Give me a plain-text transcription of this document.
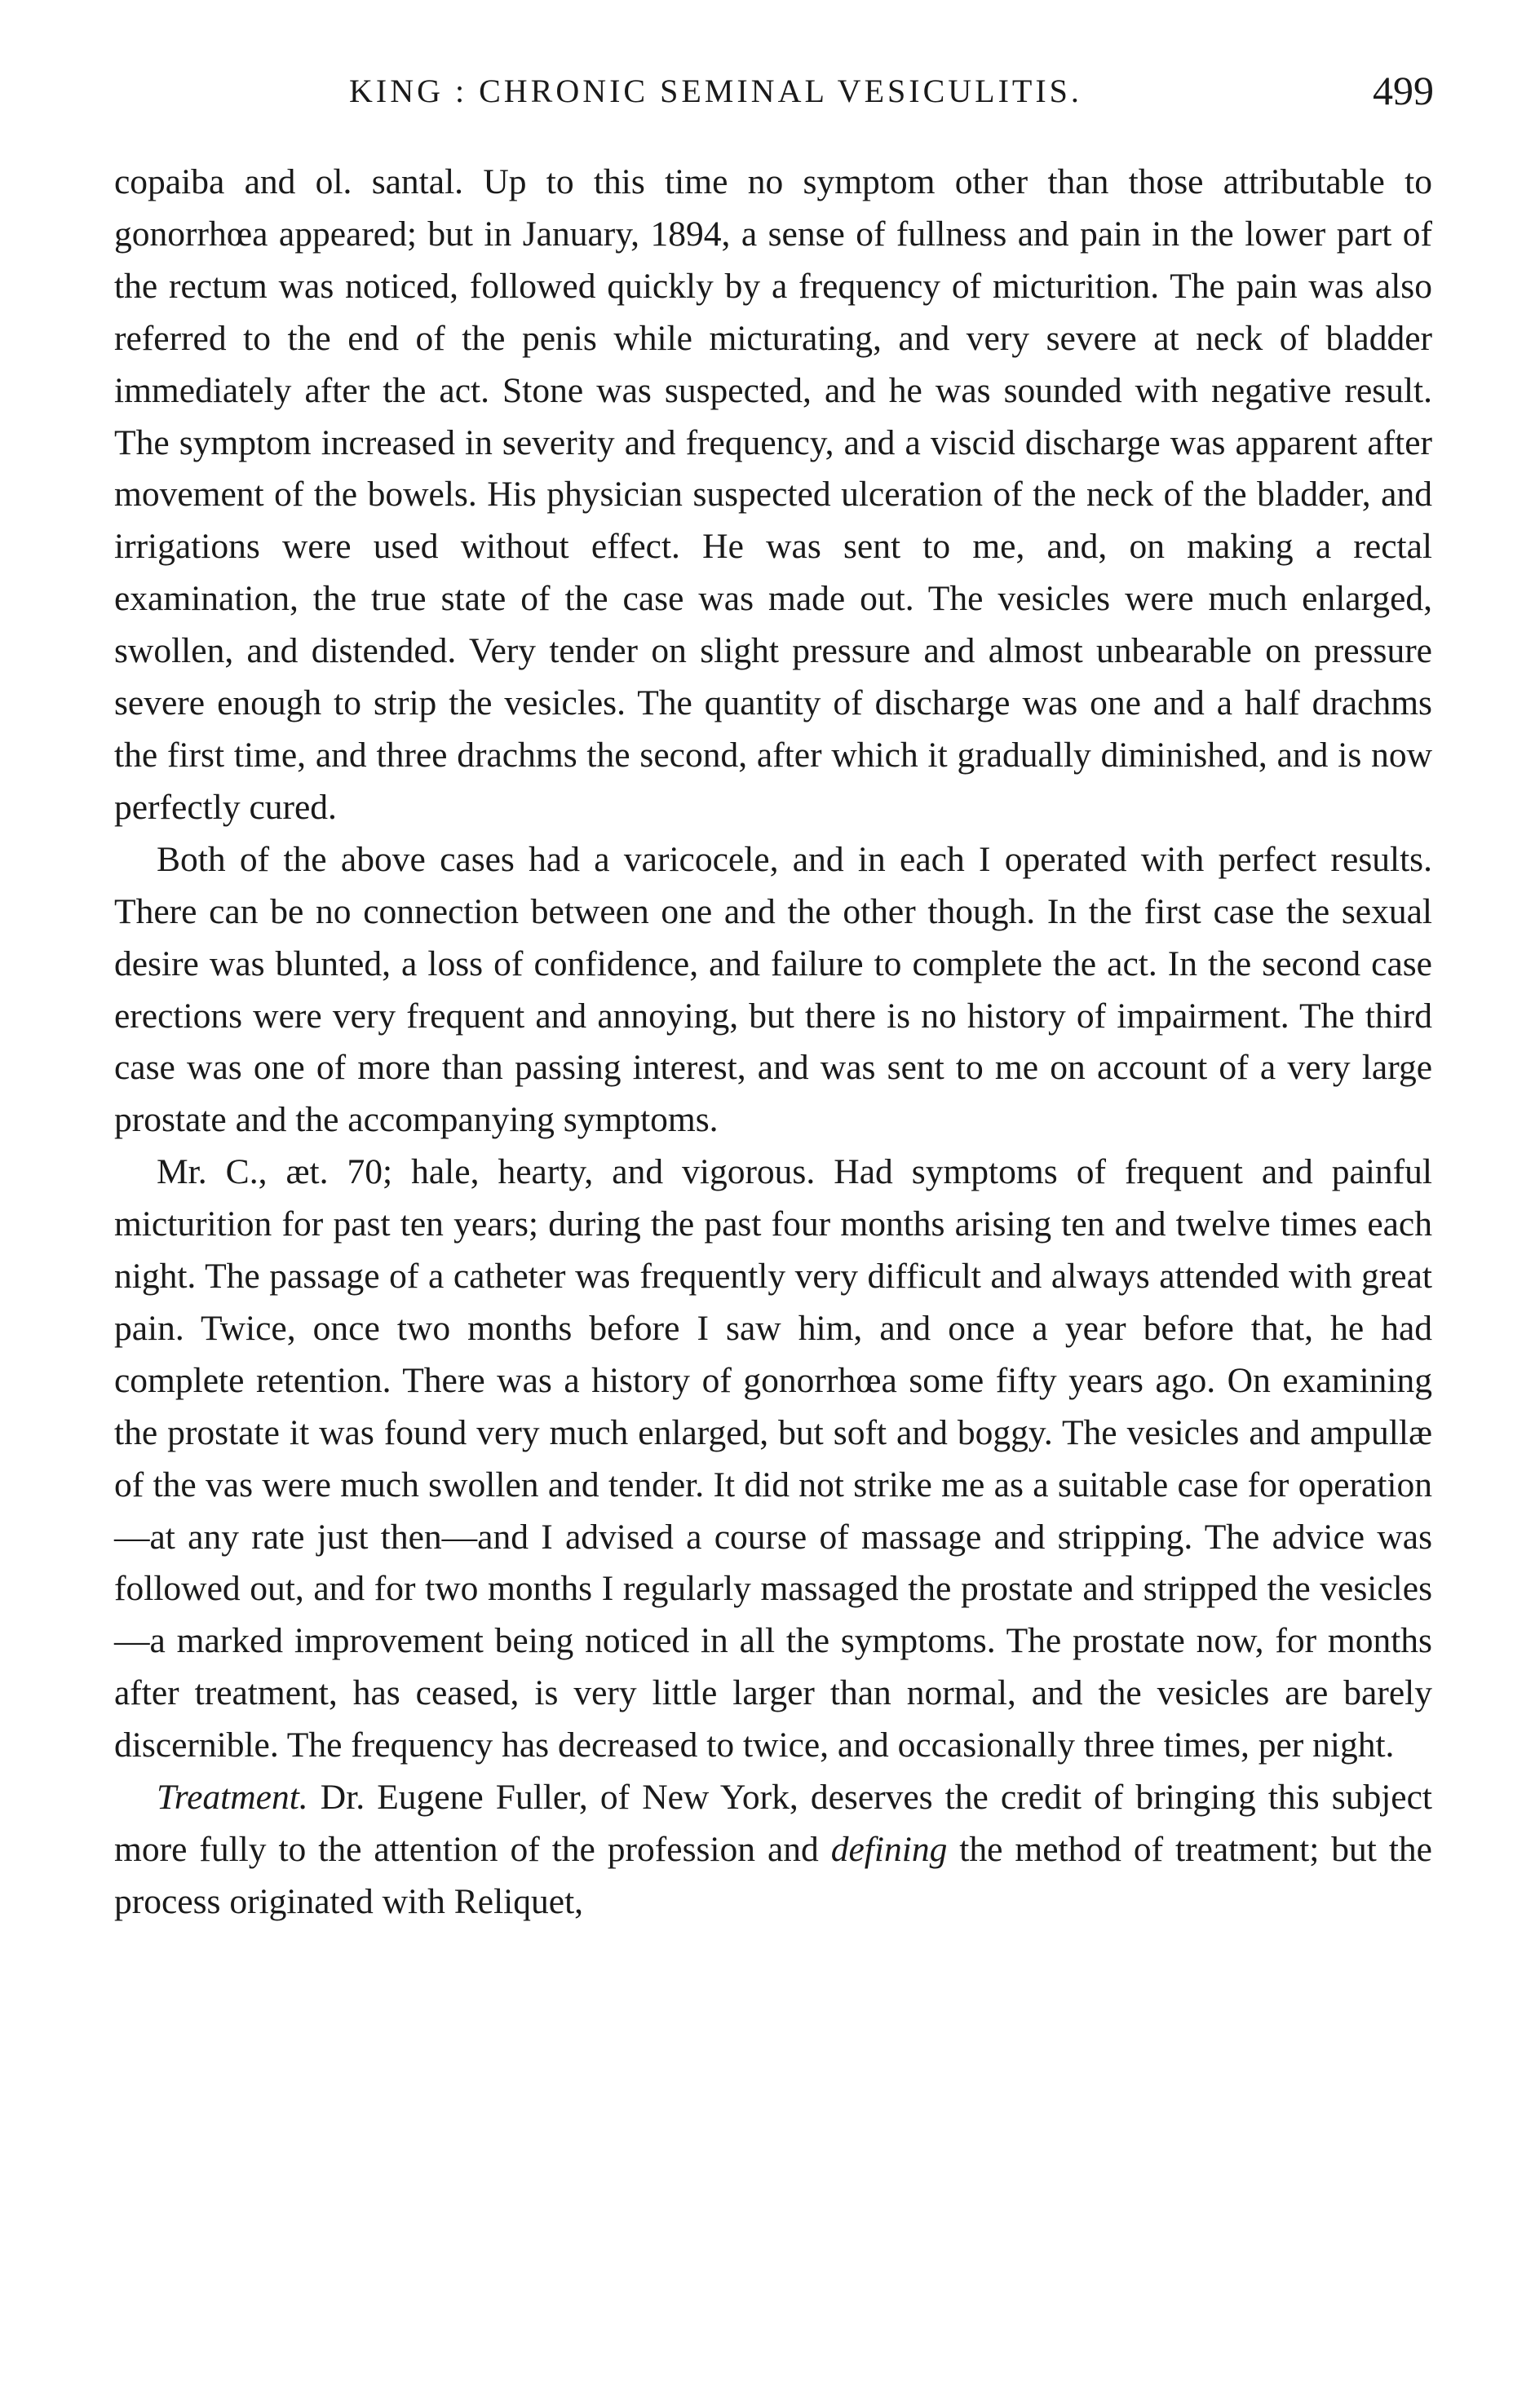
KING : CHRONIC SEMINAL VESICULITIS.	499

copaiba and ol. santal. Up to this time no symptom other than those attributable to gonorrhœa appeared; but in January, 1894, a sense of fullness and pain in the lower part of the rectum was noticed, followed quickly by a frequency of micturition. The pain was also referred to the end of the penis while micturating, and very severe at neck of bladder immediately after the act. Stone was suspected, and he was sounded with negative result. The symptom increased in severity and frequency, and a viscid discharge was apparent after movement of the bowels. His physician suspected ulceration of the neck of the bladder, and irrigations were used without effect. He was sent to me, and, on making a rectal examination, the true state of the case was made out. The vesicles were much enlarged, swollen, and distended. Very tender on slight pressure and almost unbearable on pressure severe enough to strip the vesicles. The quantity of discharge was one and a half drachms the first time, and three drachms the second, after which it gradually diminished, and is now perfectly cured.

Both of the above cases had a varicocele, and in each I operated with perfect results. There can be no connection between one and the other though. In the first case the sexual desire was blunted, a loss of confidence, and failure to complete the act. In the second case erections were very frequent and annoying, but there is no history of impairment. The third case was one of more than passing interest, and was sent to me on account of a very large prostate and the accompanying symptoms.

Mr. C., æt. 70; hale, hearty, and vigorous. Had symptoms of frequent and painful micturition for past ten years; during the past four months arising ten and twelve times each night. The passage of a catheter was frequently very difficult and always attended with great pain. Twice, once two months before I saw him, and once a year before that, he had complete retention. There was a history of gonorrhœa some fifty years ago. On examining the prostate it was found very much enlarged, but soft and boggy. The vesicles and ampullæ of the vas were much swollen and tender. It did not strike me as a suitable case for operation—at any rate just then—and I advised a course of massage and stripping. The advice was followed out, and for two months I regularly massaged the prostate and stripped the vesicles—a marked improvement being noticed in all the symptoms. The prostate now, for months after treatment, has ceased, is very little larger than normal, and the vesicles are barely discernible. The frequency has decreased to twice, and occasionally three times, per night.

Treatment. Dr. Eugene Fuller, of New York, deserves the credit of bringing this subject more fully to the attention of the profession and defining the method of treatment; but the process originated with Reliquet,
